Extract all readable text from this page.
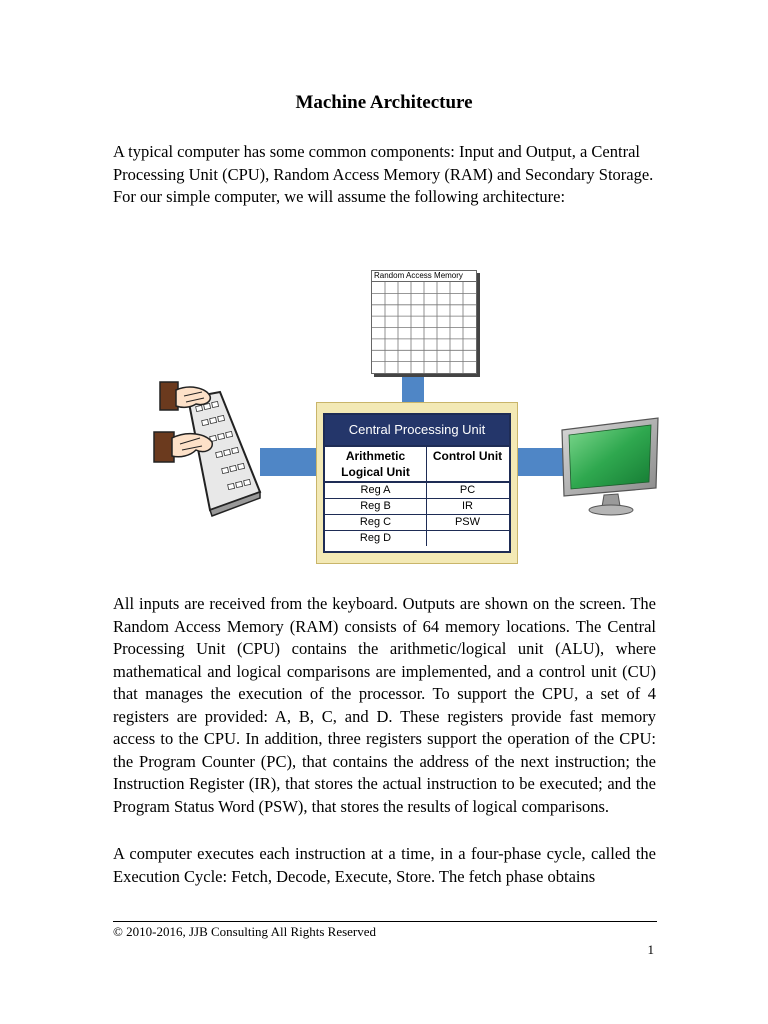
Machine Architecture

A typical computer has some common components: Input and Output, a Central Processing Unit (CPU), Random Access Memory (RAM) and Secondary Storage. For our simple computer, we will assume the following architecture:

Random Access Memory
Central Processing Unit
Arithmetic Logical Unit
Control Unit
Reg A	PC
Reg B	IR
Reg C	PSW
Reg D

All inputs are received from the keyboard. Outputs are shown on the screen. The Random Access Memory (RAM) consists of 64 memory locations. The Central Processing Unit (CPU) contains the arithmetic/logical unit (ALU), where mathematical and logical comparisons are implemented, and a control unit (CU) that manages the execution of the processor. To support the CPU, a set of 4 registers are provided: A, B, C, and D. These registers provide fast memory access to the CPU. In addition, three registers support the operation of the CPU: the Program Counter (PC), that contains the address of the next instruction; the Instruction Register (IR), that stores the actual instruction to be executed; and the Program Status Word (PSW), that stores the results of logical comparisons.

A computer executes each instruction at a time, in a four-phase cycle, called the Execution Cycle: Fetch, Decode, Execute, Store. The fetch phase obtains

© 2010-2016, JJB Consulting All Rights Reserved
1
